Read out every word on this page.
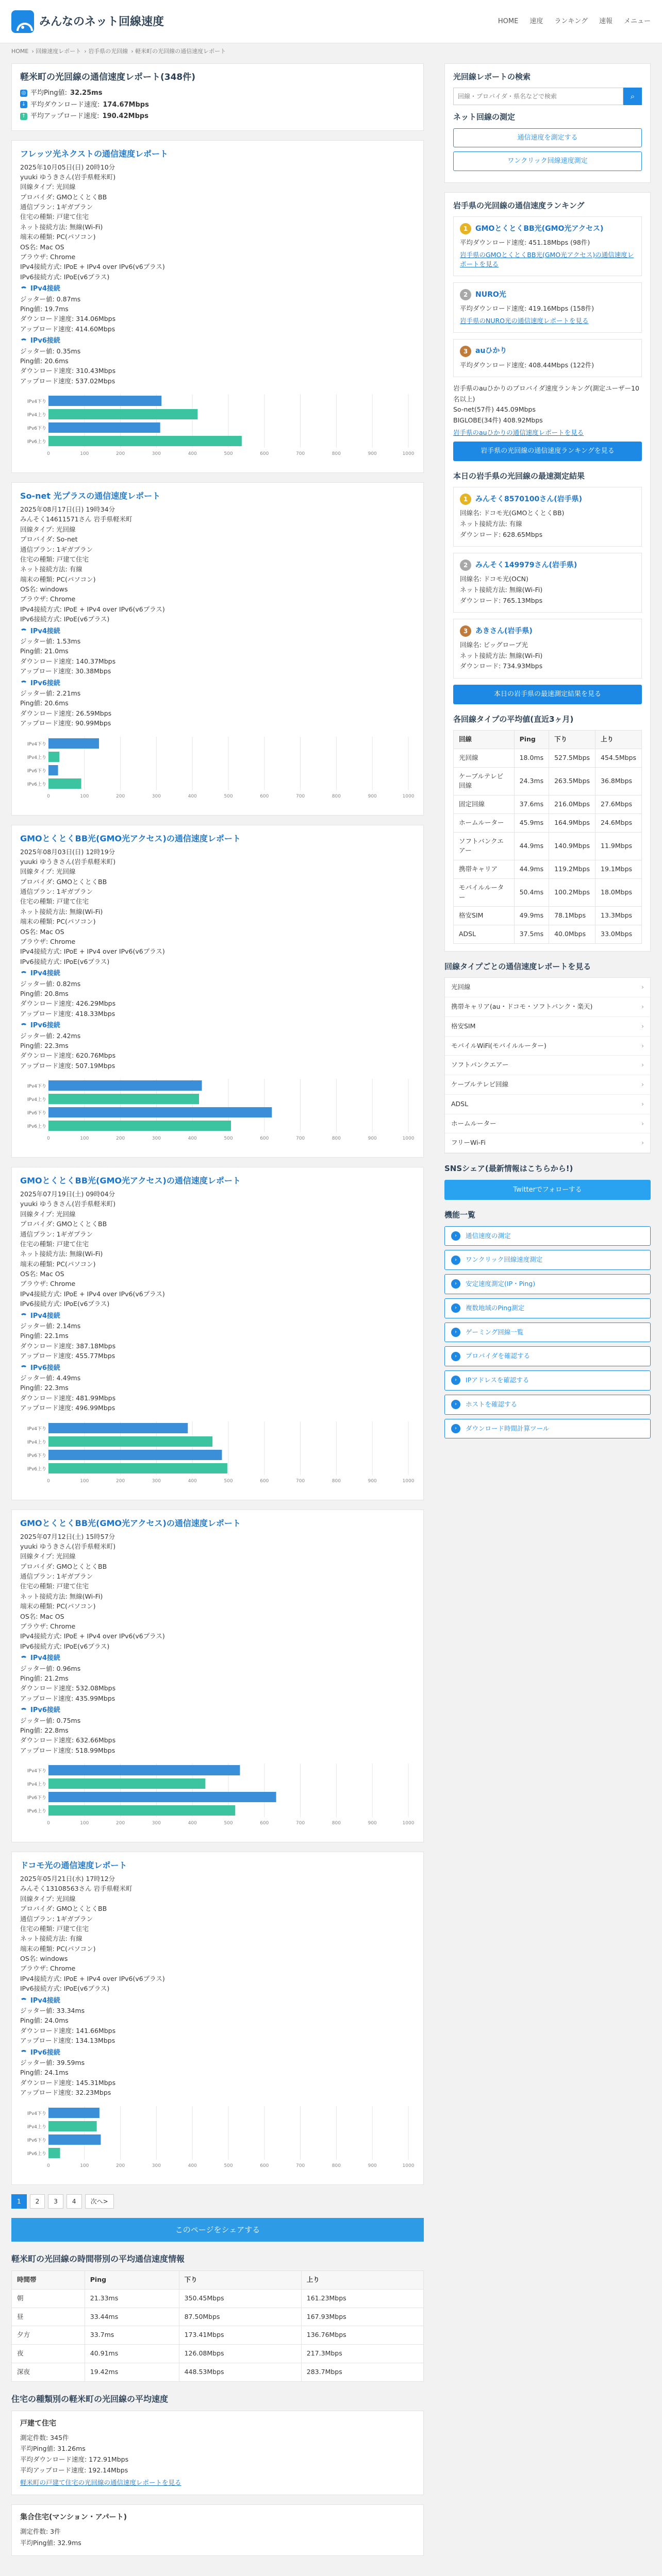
みんなのネット回線速度	HOME 速度 ランキング 速報 メニュー
HOME › 回線速度レポート › 岩手県の光回線 › 軽米町の光回線の通信速度レポート
軽米町の光回線の通信速度レポート(348件)
◎ 平均Ping値: 32.25ms
↓ 平均ダウンロード速度: 174.67Mbps
↑ 平均アップロード速度: 190.42Mbps
フレッツ光ネクストの通信速度レポート
2025年10月05日(日) 20時10分
yuuki ゆうきさん(岩手県軽米町)
回線タイプ: 光回線
プロバイダ: GMOとくとくBB
通信プラン: 1ギガプラン
住宅の種類: 戸建て住宅
ネット接続方法: 無線(Wi-Fi)
端末の種類: PC(パソコン)
OS名: Mac OS
ブラウザ: Chrome
IPv4接続方式: IPoE + IPv4 over IPv6(v6プラス)
IPv6接続方式: IPoE(v6プラス)
IPv4接続
ジッター値: 0.87ms
Ping値: 19.7ms
ダウンロード速度: 314.06Mbps
アップロード速度: 414.60Mbps
IPv6接続
ジッター値: 0.35ms
Ping値: 20.6ms
ダウンロード速度: 310.43Mbps
アップロード速度: 537.02Mbps
0	100	200	300	400	500	600	700	800	900	1000
IPv4下り
IPv4上り
IPv6下り
IPv6上り
So-net 光プラスの通信速度レポート
2025年08月17日(日) 19時34分
みんそく14611571さん 岩手県軽米町
回線タイプ: 光回線
プロバイダ: So-net
通信プラン: 1ギガプラン
住宅の種類: 戸建て住宅
ネット接続方法: 有線
端末の種類: PC(パソコン)
OS名: windows
ブラウザ: Chrome
IPv4接続方式: IPoE + IPv4 over IPv6(v6プラス)
IPv6接続方式: IPoE(v6プラス)
IPv4接続
ジッター値: 1.53ms
Ping値: 21.0ms
ダウンロード速度: 140.37Mbps
アップロード速度: 30.38Mbps
IPv6接続
ジッター値: 2.21ms
Ping値: 20.6ms
ダウンロード速度: 26.59Mbps
アップロード速度: 90.99Mbps
0	100	200	300	400	500	600	700	800	900	1000
IPv4下り
IPv4上り
IPv6下り
IPv6上り
GMOとくとくBB光(GMO光アクセス)の通信速度レポート
2025年08月03日(日) 12時19分
yuuki ゆうきさん(岩手県軽米町)
回線タイプ: 光回線
プロバイダ: GMOとくとくBB
通信プラン: 1ギガプラン
住宅の種類: 戸建て住宅
ネット接続方法: 無線(Wi-Fi)
端末の種類: PC(パソコン)
OS名: Mac OS
ブラウザ: Chrome
IPv4接続方式: IPoE + IPv4 over IPv6(v6プラス)
IPv6接続方式: IPoE(v6プラス)
IPv4接続
ジッター値: 0.82ms
Ping値: 20.8ms
ダウンロード速度: 426.29Mbps
アップロード速度: 418.33Mbps
IPv6接続
ジッター値: 2.42ms
Ping値: 22.3ms
ダウンロード速度: 620.76Mbps
アップロード速度: 507.19Mbps
0	100	200	300	400	500	600	700	800	900	1000
IPv4下り
IPv4上り
IPv6下り
IPv6上り
GMOとくとくBB光(GMO光アクセス)の通信速度レポート
2025年07月19日(土) 09時04分
yuuki ゆうきさん(岩手県軽米町)
回線タイプ: 光回線
プロバイダ: GMOとくとくBB
通信プラン: 1ギガプラン
住宅の種類: 戸建て住宅
ネット接続方法: 無線(Wi-Fi)
端末の種類: PC(パソコン)
OS名: Mac OS
ブラウザ: Chrome
IPv4接続方式: IPoE + IPv4 over IPv6(v6プラス)
IPv6接続方式: IPoE(v6プラス)
IPv4接続
ジッター値: 2.14ms
Ping値: 22.1ms
ダウンロード速度: 387.18Mbps
アップロード速度: 455.77Mbps
IPv6接続
ジッター値: 4.49ms
Ping値: 22.3ms
ダウンロード速度: 481.99Mbps
アップロード速度: 496.99Mbps
0	100	200	300	400	500	600	700	800	900	1000
IPv4下り
IPv4上り
IPv6下り
IPv6上り
GMOとくとくBB光(GMO光アクセス)の通信速度レポート
2025年07月12日(土) 15時57分
yuuki ゆうきさん(岩手県軽米町)
回線タイプ: 光回線
プロバイダ: GMOとくとくBB
通信プラン: 1ギガプラン
住宅の種類: 戸建て住宅
ネット接続方法: 無線(Wi-Fi)
端末の種類: PC(パソコン)
OS名: Mac OS
ブラウザ: Chrome
IPv4接続方式: IPoE + IPv4 over IPv6(v6プラス)
IPv6接続方式: IPoE(v6プラス)
IPv4接続
ジッター値: 0.96ms
Ping値: 21.2ms
ダウンロード速度: 532.08Mbps
アップロード速度: 435.99Mbps
IPv6接続
ジッター値: 0.75ms
Ping値: 22.8ms
ダウンロード速度: 632.66Mbps
アップロード速度: 518.99Mbps
0	100	200	300	400	500	600	700	800	900	1000
IPv4下り
IPv4上り
IPv6下り
IPv6上り
ドコモ光の通信速度レポート
2025年05月21日(水) 17時12分
みんそく13108563さん 岩手県軽米町
回線タイプ: 光回線
プロバイダ: GMOとくとくBB
通信プラン: 1ギガプラン
住宅の種類: 戸建て住宅
ネット接続方法: 有線
端末の種類: PC(パソコン)
OS名: windows
ブラウザ: Chrome
IPv4接続方式: IPoE + IPv4 over IPv6(v6プラス)
IPv6接続方式: IPoE(v6プラス)
IPv4接続
ジッター値: 33.34ms
Ping値: 24.0ms
ダウンロード速度: 141.66Mbps
アップロード速度: 134.13Mbps
IPv6接続
ジッター値: 39.59ms
Ping値: 24.1ms
ダウンロード速度: 145.31Mbps
アップロード速度: 32.23Mbps
0	100	200	300	400	500	600	700	800	900	1000
IPv4下り
IPv4上り
IPv6下り
IPv6上り
1	2	3	4	次へ>
このページをシェアする
軽米町の光回線の時間帯別の平均通信速度情報
時間帯	Ping	下り	上り
朝	21.33ms	350.45Mbps	161.23Mbps
昼	33.44ms	87.50Mbps	167.93Mbps
夕方	33.7ms	173.41Mbps	136.76Mbps
夜	40.91ms	126.08Mbps	217.3Mbps
深夜	19.42ms	448.53Mbps	283.7Mbps
住宅の種類別の軽米町の光回線の平均速度
戸建て住宅
測定件数: 345件
平均Ping値: 31.26ms
平均ダウンロード速度: 172.91Mbps
平均アップロード速度: 192.14Mbps
軽米町の戸建て住宅の光回線の通信速度レポートを見る
集合住宅(マンション・アパート)
測定件数: 3件
平均Ping値: 32.9ms
光回線レポートの検索
回線・プロバイダ・県名などで検索
⌕
ネット回線の測定
通信速度を測定する
ワンクリック回線速度測定
岩手県の光回線の通信速度ランキング
1	GMOとくとくBB光(GMO光アクセス)
平均ダウンロード速度: 451.18Mbps (98件)
岩手県のGMOとくとくBB光(GMO光アクセス)の通信速度レポートを見る
2	NURO光
平均ダウンロード速度: 419.16Mbps (158件)
岩手県のNURO光の通信速度レポートを見る
3	auひかり
平均ダウンロード速度: 408.44Mbps (122件)
岩手県のauひかりのプロバイダ速度ランキング(測定ユーザー10名以上)
So-net(57件) 445.09Mbps
BIGLOBE(34件) 408.92Mbps
岩手県のauひかりの通信速度レポートを見る
岩手県の光回線の通信速度ランキングを見る
本日の岩手県の光回線の最速測定結果
1	みんそく8570100さん(岩手県)
回線名: ドコモ光(GMOとくとくBB)
ネット接続方法: 有線
ダウンロード: 628.65Mbps
2	みんそく14997​9さん(岩手県)
回線名: ドコモ光(OCN)
ネット接続方法: 無線(Wi-Fi)
ダウンロード: 765.13Mbps
3	あきさん(岩手県)
回線名: ビッグローブ光
ネット接続方法: 無線(Wi-Fi)
ダウンロード: 734.93Mbps
本日の岩手県の最速測定結果を見る
各回線タイプの平均値(直近3ヶ月)
回線	Ping	下り	上り
光回線	18.0ms	527.5Mbps	454.5Mbps
ケーブルテレビ回線	24.3ms	263.5Mbps	36.8Mbps
固定回線	37.6ms	216.0Mbps	27.6Mbps
ホームルーター	45.9ms	164.9Mbps	24.6Mbps
ソフトバンクエアー	44.9ms	140.9Mbps	11.9Mbps
携帯キャリア	44.9ms	119.2Mbps	19.1Mbps
モバイルルーター	50.4ms	100.2Mbps	18.0Mbps
格安SIM	49.9ms	78.1Mbps	13.3Mbps
ADSL	37.5ms	40.0Mbps	33.0Mbps
回線タイプごとの通信速度レポートを見る
光回線 ›
携帯キャリア(au・ドコモ・ソフトバンク・楽天) ›
格安SIM ›
モバイルWiFi(モバイルルーター) ›
ソフトバンクエアー ›
ケーブルテレビ回線 ›
ADSL ›
ホームルーター ›
フリーWi-Fi ›
SNSシェア(最新情報はこちらから!)
Twitterでフォローする
機能一覧
›	通信速度の測定
›	ワンクリック回線速度測定
›	安定速度測定(IP・Ping)
›	複数地域のPing測定
›	ゲーミング回線一覧
›	プロバイダを確認する
›	IPアドレスを確認する
›	ホストを確認する
›	ダウンロード時間計算ツール
